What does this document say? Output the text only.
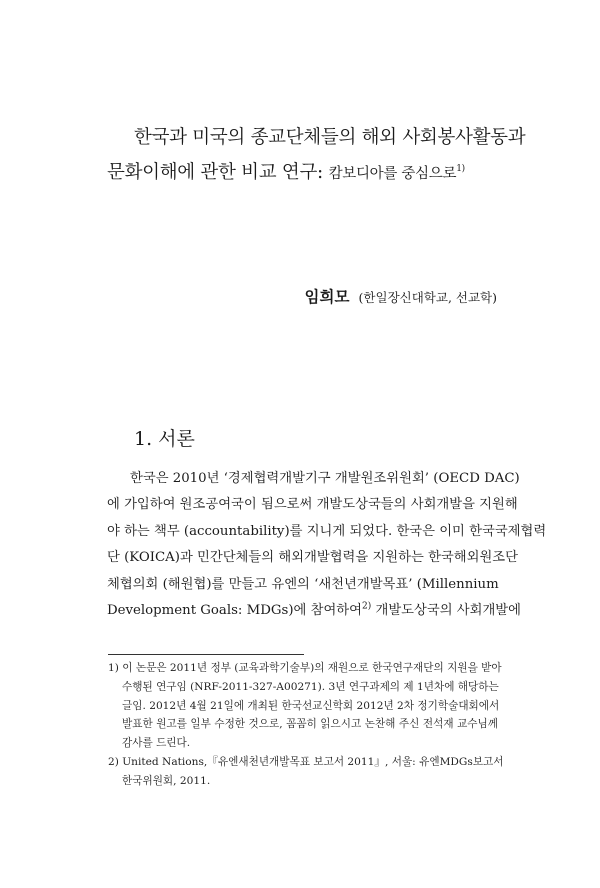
한국과 미국의 종교단체들의 해외 사회봉사활동과
문화이해에 관한 비교 연구: 캄보디아를 중심으로$^{1)}$
임희모 (한일장신대학교, 선교학)
1. 서론
한국은 2010년 ‘경제협력개발기구 개발원조위원회’ (OECD DAC)
에 가입하여 원조공여국이 됨으로써 개발도상국들의 사회개발을 지원해
야 하는 책무 (accountability)를 지니게 되었다. 한국은 이미 한국국제협력
단 (KOICA)과 민간단체들의 해외개발협력을 지원하는 한국해외원조단
체협의회 (해원협)를 만들고 유엔의 ‘새천년개발목표’ (Millennium
Development Goals: MDGs)에 참여하여$^{2)}$ 개발도상국의 사회개발에
1) 이 논문은 2011년 정부 (교육과학기술부)의 재원으로 한국연구재단의 지원을 받아
수행된 연구임 (NRF-2011-327-A00271). 3년 연구과제의 제 1년차에 해당하는
글임. 2012년 4월 21일에 개최된 한국선교신학회 2012년 2차 정기학술대회에서
발표한 원고를 일부 수정한 것으로, 꼼꼼히 읽으시고 논찬해 주신 전석재 교수님께
감사를 드린다.
2) United Nations,『유엔새천년개발목표 보고서 2011』, 서울: 유엔MDGs보고서
한국위원회, 2011.
